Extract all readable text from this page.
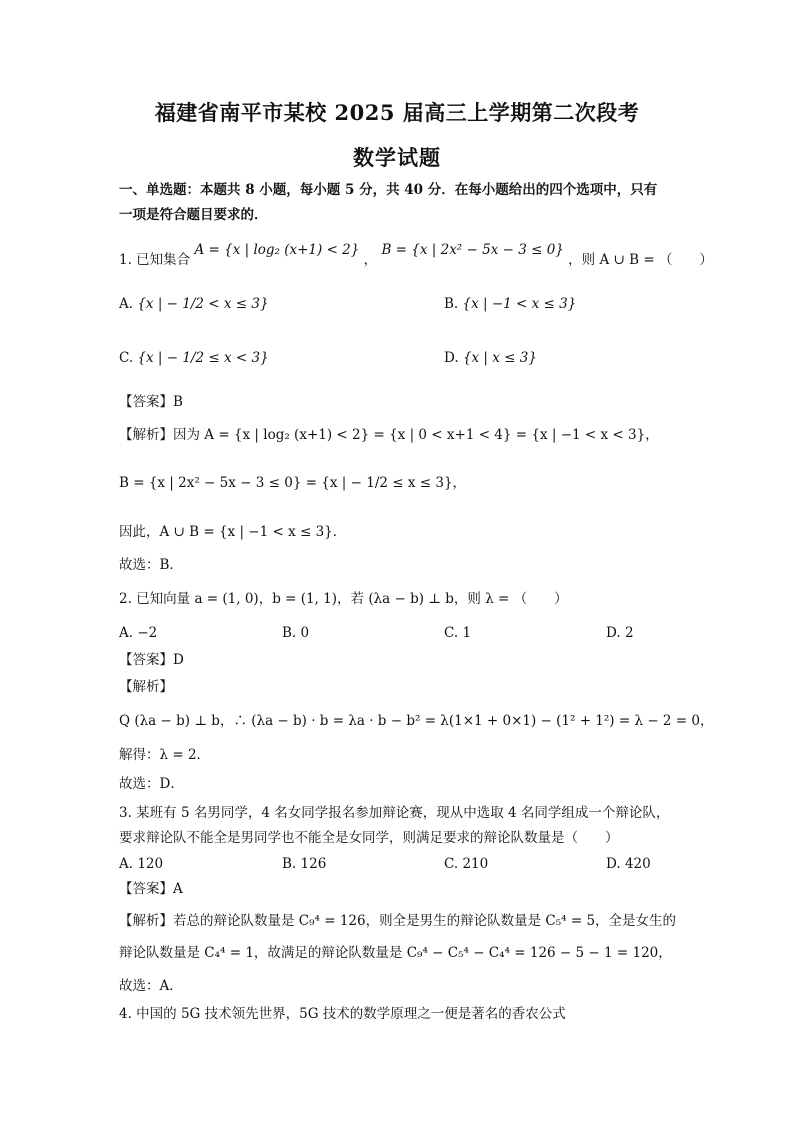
福建省南平市某校 2025 届高三上学期第二次段考
数学试题
一、单选题：本题共 8 小题，每小题 5 分，共 40 分．在每小题给出的四个选项中，只有
一项是符合题目要求的．
1. 已知集合 A = {x | log₂ (x+1) < 2} ， B = {x | 2x² − 5x − 3 ≤ 0} ，则 A ∪ B = （　　）
A. {x | − 1/2 < x ≤ 3}	B. {x | −1 < x ≤ 3}
C. {x | − 1/2 ≤ x < 3}	D. {x | x ≤ 3}
【答案】B
【解析】因为 A = {x | log₂ (x+1) < 2} = {x | 0 < x+1 < 4} = {x | −1 < x < 3}，
B = {x | 2x² − 5x − 3 ≤ 0} = {x | − 1/2 ≤ x ≤ 3}，
因此，A ∪ B = {x | −1 < x ≤ 3}．
故选：B．
2. 已知向量 a = (1, 0)，b = (1, 1)，若 (λa − b) ⊥ b，则 λ = （　　）
A. −2	B. 0	C. 1	D. 2
【答案】D
【解析】
Q (λa − b) ⊥ b，∴ (λa − b) · b = λa · b − b² = λ(1×1 + 0×1) − (1² + 1²) = λ − 2 = 0，
解得：λ = 2．
故选：D．
3. 某班有 5 名男同学，4 名女同学报名参加辩论赛，现从中选取 4 名同学组成一个辩论队，
要求辩论队不能全是男同学也不能全是女同学，则满足要求的辩论队数量是（　　）
A. 120	B. 126	C. 210	D. 420
【答案】A
【解析】若总的辩论队数量是 C₉⁴ = 126，则全是男生的辩论队数量是 C₅⁴ = 5，全是女生的
辩论队数量是 C₄⁴ = 1，故满足的辩论队数量是 C₉⁴ − C₅⁴ − C₄⁴ = 126 − 5 − 1 = 120，
故选：A．
4. 中国的 5G 技术领先世界，5G 技术的数学原理之一便是著名的香农公式
